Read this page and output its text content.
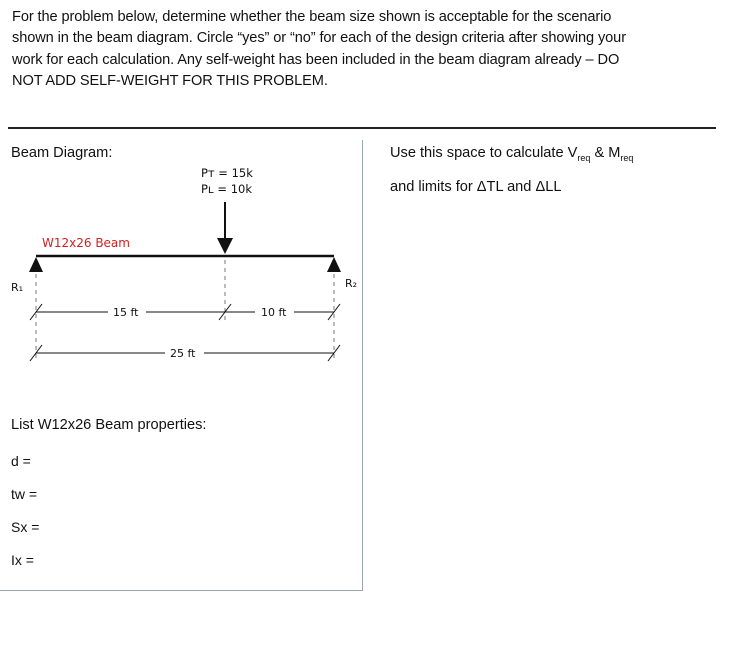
For the problem below, determine whether the beam size shown is acceptable for the scenario
shown in the beam diagram. Circle “yes” or “no” for each of the design criteria after showing your
work for each calculation. Any self-weight has been included in the beam diagram already – DO
NOT ADD SELF-WEIGHT FOR THIS PROBLEM.
Beam Diagram:
Pᴛ = 15k
Pʟ = 10k
W12x26 Beam
R₁	R₂
15 ft	10 ft
25 ft
List W12x26 Beam properties:
d =
tw =
Sx =
Ix =
Use this space to calculate $V_{req}$ & $M_{req}$
and limits for ΔTL and ΔLL
